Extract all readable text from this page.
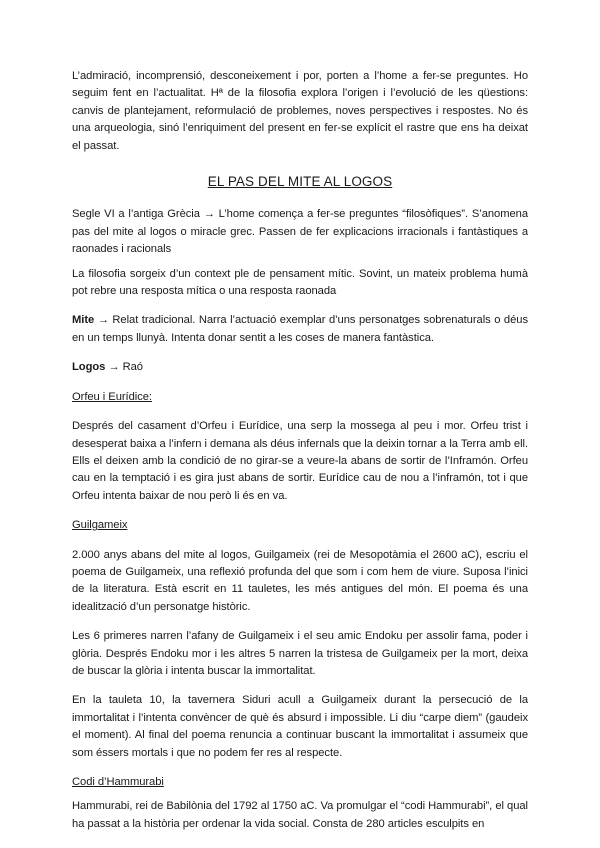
L’admiració, incomprensió, desconeixement i por, porten a l’home a fer-se preguntes. Ho seguim fent en l’actualitat. Hª de la filosofia explora l’origen i l’evolució de les qüestions: canvis de plantejament, reformulació de problemes, noves perspectives i respostes. No és una arqueologia, sinó l’enriquiment del present en fer-se explícit el rastre que ens ha deixat el passat.

EL PAS DEL MITE AL LOGOS

Segle VI a l’antiga Grècia → L’home comença a fer-se preguntes “filosòfiques”. S’anomena pas del mite al logos o miracle grec. Passen de fer explicacions irracionals i fantàstiques a raonades i racionals

La filosofia sorgeix d’un context ple de pensament mític. Sovint, un mateix problema humà pot rebre una resposta mítica o una resposta raonada

Mite → Relat tradicional. Narra l’actuació exemplar d’uns personatges sobrenaturals o déus en un temps llunyà. Intenta donar sentit a les coses de manera fantàstica.

Logos → Raó

Orfeu i Eurídice:

Després del casament d’Orfeu i Eurídice, una serp la mossega al peu i mor. Orfeu trist i desesperat baixa a l’infern i demana als déus infernals que la deixin tornar a la Terra amb ell. Ells el deixen amb la condició de no girar-se a veure-la abans de sortir de l’Inframón. Orfeu cau en la temptació i es gira just abans de sortir. Eurídice cau de nou a l’inframón, tot i que Orfeu intenta baixar de nou però li és en va.

Guilgameix

2.000 anys abans del mite al logos, Guilgameix (rei de Mesopotàmia el 2600 aC), escriu el poema de Guilgameix, una reflexió profunda del que som i com hem de viure. Suposa l’inici de la literatura. Està escrit en 11 tauletes, les més antigues del món. El poema és una idealització d’un personatge històric.

Les 6 primeres narren l’afany de Guilgameix i el seu amic Endoku per assolir fama, poder i glòria. Després Endoku mor i les altres 5 narren la tristesa de Guilgameix per la mort, deixa de buscar la glòria i intenta buscar la immortalitat.

En la tauleta 10, la tavernera Siduri acull a Guilgameix durant la persecució de la immortalitat i l’intenta convèncer de què és absurd i impossible. Li diu “carpe diem” (gaudeix el moment). Al final del poema renuncia a continuar buscant la immortalitat i assumeix que som éssers mortals i que no podem fer res al respecte.

Codi d’Hammurabi

Hammurabi, rei de Babilònia del 1792 al 1750 aC. Va promulgar el “codi Hammurabi”, el qual ha passat a la història per ordenar la vida social. Consta de 280 articles esculpits en
